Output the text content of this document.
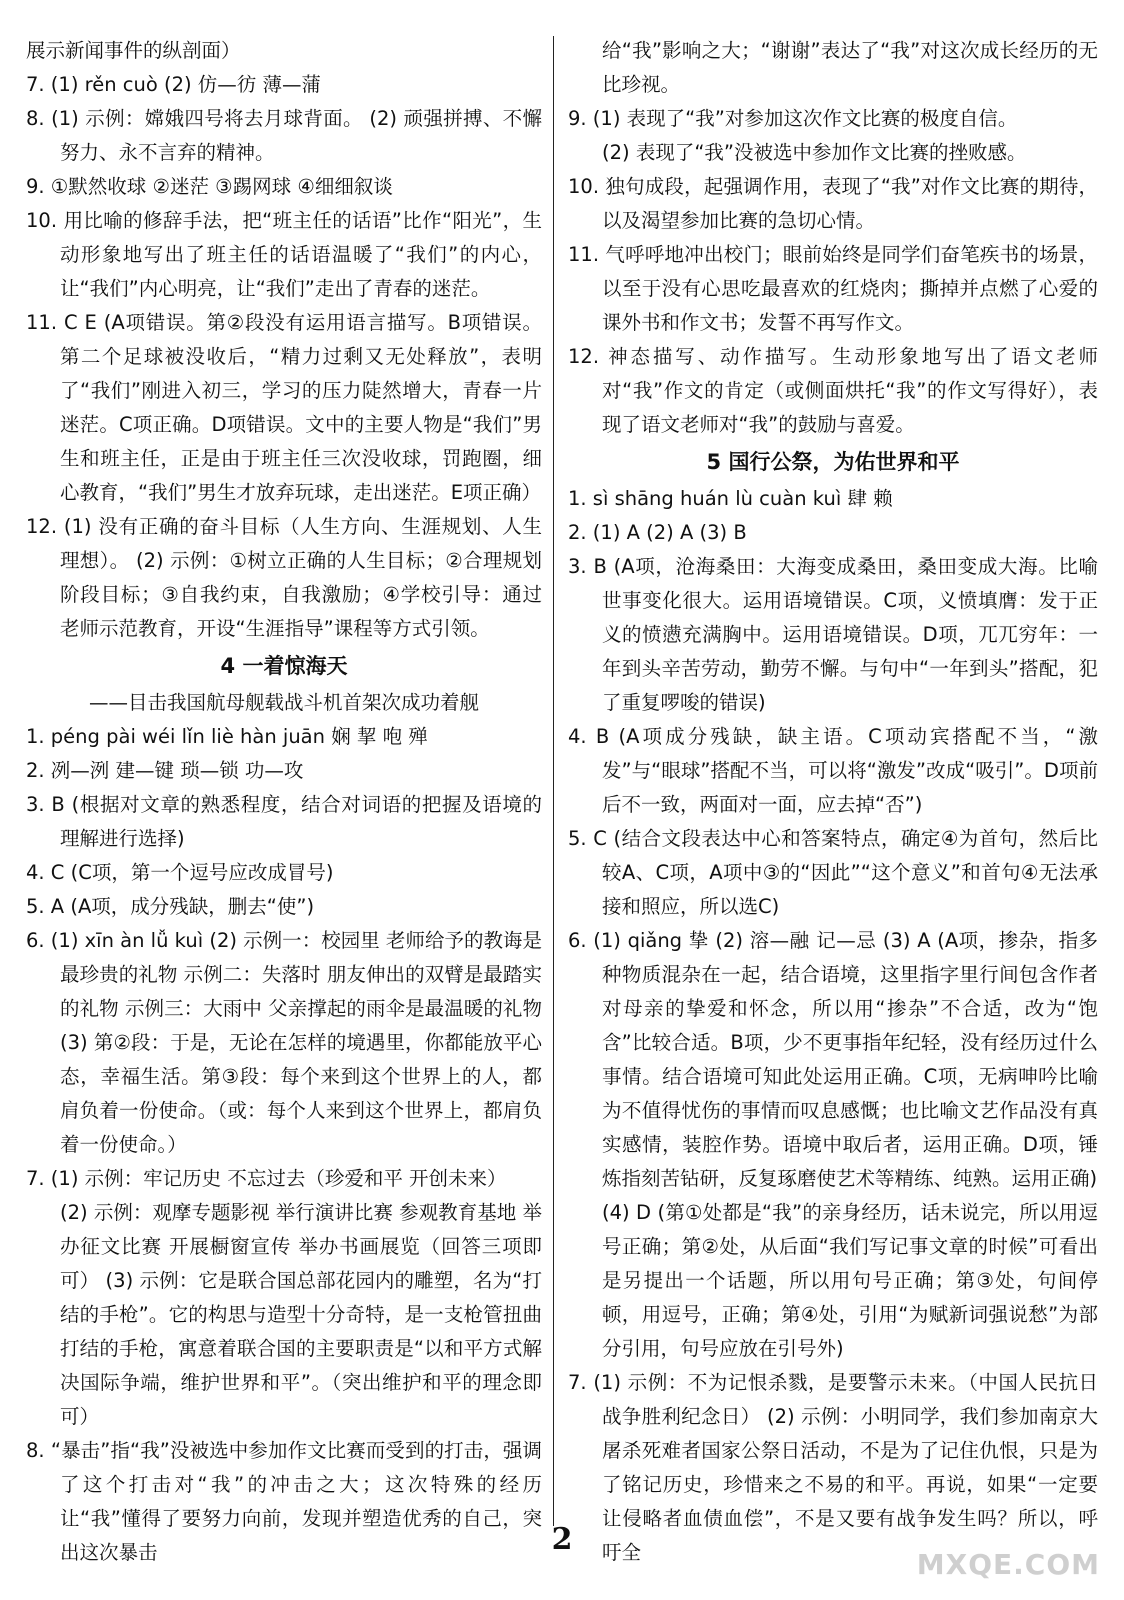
展示新闻事件的纵剖面）

7. (1) rěn cuò (2) 仿—彷 薄—蒲

8. (1) 示例：嫦娥四号将去月球背面。 (2) 顽强拼搏、不懈努力、永不言弃的精神。

9. ①默然收球 ②迷茫 ③踢网球 ④细细叙谈

10. 用比喻的修辞手法，把“班主任的话语”比作“阳光”，生动形象地写出了班主任的话语温暖了“我们”的内心，让“我们”内心明亮，让“我们”走出了青春的迷茫。

11. C E (A项错误。第②段没有运用语言描写。B项错误。第二个足球被没收后，“精力过剩又无处释放”，表明了“我们”刚进入初三，学习的压力陡然增大，青春一片迷茫。C项正确。D项错误。文中的主要人物是“我们”男生和班主任，正是由于班主任三次没收球，罚跑圈，细心教育，“我们”男生才放弃玩球，走出迷茫。E项正确）

12. (1) 没有正确的奋斗目标（人生方向、生涯规划、人生理想）。 (2) 示例：①树立正确的人生目标；②合理规划阶段目标；③自我约束，自我激励；④学校引导：通过老师示范教育，开设“生涯指导”课程等方式引领。

4 一着惊海天

——目击我国航母舰载战斗机首架次成功着舰

1. péng pài wéi lǐn liè hàn juān 娴 挈 咆 殚

2. 冽—洌 建—键 琐—锁 功—攻

3. B (根据对文章的熟悉程度，结合对词语的把握及语境的理解进行选择)

4. C (C项，第一个逗号应改成冒号)

5. A (A项，成分残缺，删去“使”)

6. (1) xīn àn lǚ kuì (2) 示例一：校园里 老师给予的教诲是最珍贵的礼物 示例二：失落时 朋友伸出的双臂是最踏实的礼物 示例三：大雨中 父亲撑起的雨伞是最温暖的礼物 (3) 第②段：于是，无论在怎样的境遇里，你都能放平心态，幸福生活。第③段：每个来到这个世界上的人，都肩负着一份使命。（或：每个人来到这个世界上，都肩负着一份使命。）

7. (1) 示例：牢记历史 不忘过去（珍爱和平 开创未来）

(2) 示例：观摩专题影视 举行演讲比赛 参观教育基地 举办征文比赛 开展橱窗宣传 举办书画展览（回答三项即可） (3) 示例：它是联合国总部花园内的雕塑，名为“打结的手枪”。它的构思与造型十分奇特，是一支枪管扭曲打结的手枪，寓意着联合国的主要职责是“以和平方式解决国际争端，维护世界和平”。（突出维护和平的理念即可）

8. “暴击”指“我”没被选中参加作文比赛而受到的打击，强调了这个打击对“我”的冲击之大；这次特殊的经历让“我”懂得了要努力向前，发现并塑造优秀的自己，突出这次暴击

给“我”影响之大；“谢谢”表达了“我”对这次成长经历的无比珍视。

9. (1) 表现了“我”对参加这次作文比赛的极度自信。

(2) 表现了“我”没被选中参加作文比赛的挫败感。

10. 独句成段，起强调作用，表现了“我”对作文比赛的期待，以及渴望参加比赛的急切心情。

11. 气呼呼地冲出校门；眼前始终是同学们奋笔疾书的场景，以至于没有心思吃最喜欢的红烧肉；撕掉并点燃了心爱的课外书和作文书；发誓不再写作文。

12. 神态描写、动作描写。生动形象地写出了语文老师对“我”作文的肯定（或侧面烘托“我”的作文写得好），表现了语文老师对“我”的鼓励与喜爱。

5 国行公祭，为佑世界和平

1. sì shāng huán lù cuàn kuì 肆 赖

2. (1) A (2) A (3) B

3. B (A项，沧海桑田：大海变成桑田，桑田变成大海。比喻世事变化很大。运用语境错误。C项，义愤填膺：发于正义的愤懑充满胸中。运用语境错误。D项，兀兀穷年：一年到头辛苦劳动，勤劳不懈。与句中“一年到头”搭配，犯了重复啰唆的错误)

4. B (A项成分残缺，缺主语。C项动宾搭配不当，“激发”与“眼球”搭配不当，可以将“激发”改成“吸引”。D项前后不一致，两面对一面，应去掉“否”)

5. C (结合文段表达中心和答案特点，确定④为首句，然后比较A、C项，A项中③的“因此”“这个意义”和首句④无法承接和照应，所以选C)

6. (1) qiǎng 挚 (2) 溶—融 记—忌 (3) A (A项，掺杂，指多种物质混杂在一起，结合语境，这里指字里行间包含作者对母亲的挚爱和怀念，所以用“掺杂”不合适，改为“饱含”比较合适。B项，少不更事指年纪轻，没有经历过什么事情。结合语境可知此处运用正确。C项，无病呻吟比喻为不值得忧伤的事情而叹息感慨；也比喻文艺作品没有真实感情，装腔作势。语境中取后者，运用正确。D项，锤炼指刻苦钻研，反复琢磨使艺术等精练、纯熟。运用正确)

(4) D (第①处都是“我”的亲身经历，话未说完，所以用逗号正确；第②处，从后面“我们写记事文章的时候”可看出是另提出一个话题，所以用句号正确；第③处，句间停顿，用逗号，正确；第④处，引用“为赋新词强说愁”为部分引用，句号应放在引号外)

7. (1) 示例：不为记恨杀戮，是要警示未来。（中国人民抗日战争胜利纪念日） (2) 示例：小明同学，我们参加南京大屠杀死难者国家公祭日活动，不是为了记住仇恨，只是为了铭记历史，珍惜来之不易的和平。再说，如果“一定要让侵略者血债血偿”，不是又要有战争发生吗？所以，呼吁全

2
MXQE.COM
